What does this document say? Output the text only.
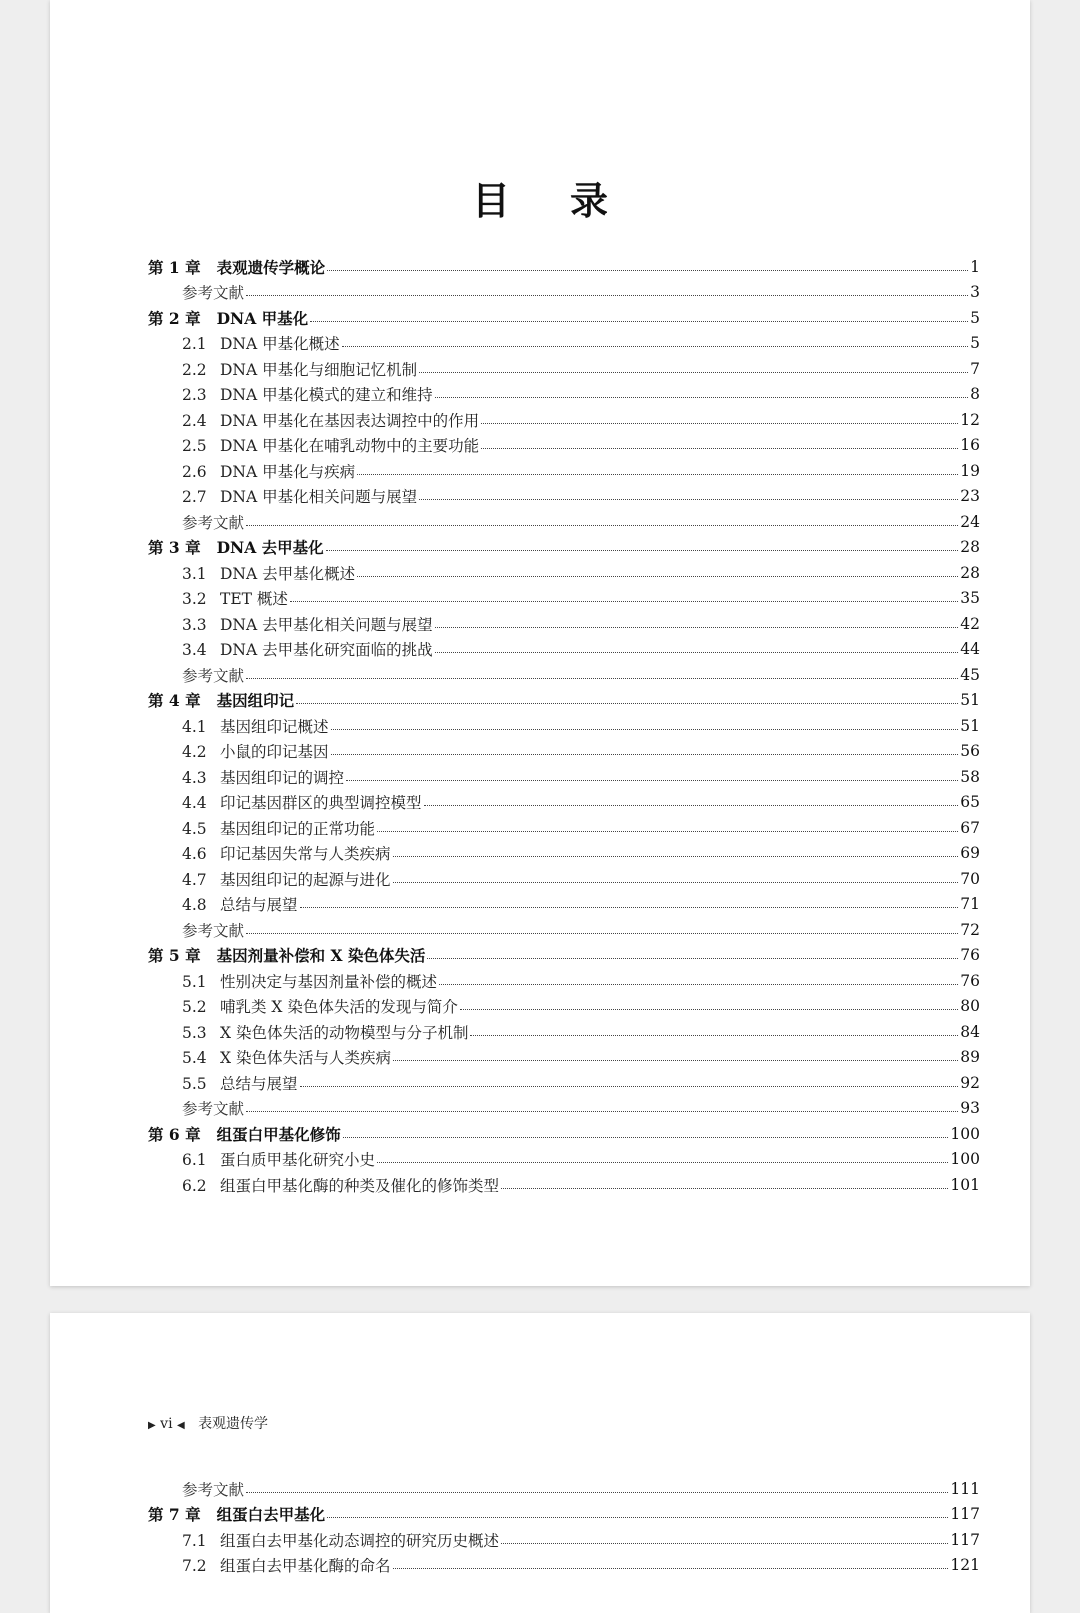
目录
第 1 章 表观遗传学概论	1
参考文献	3
第 2 章 DNA 甲基化	5
2.1 DNA 甲基化概述	5
2.2 DNA 甲基化与细胞记忆机制	7
2.3 DNA 甲基化模式的建立和维持	8
2.4 DNA 甲基化在基因表达调控中的作用	12
2.5 DNA 甲基化在哺乳动物中的主要功能	16
2.6 DNA 甲基化与疾病	19
2.7 DNA 甲基化相关问题与展望	23
参考文献	24
第 3 章 DNA 去甲基化	28
3.1 DNA 去甲基化概述	28
3.2 TET 概述	35
3.3 DNA 去甲基化相关问题与展望	42
3.4 DNA 去甲基化研究面临的挑战	44
参考文献	45
第 4 章 基因组印记	51
4.1 基因组印记概述	51
4.2 小鼠的印记基因	56
4.3 基因组印记的调控	58
4.4 印记基因群区的典型调控模型	65
4.5 基因组印记的正常功能	67
4.6 印记基因失常与人类疾病	69
4.7 基因组印记的起源与进化	70
4.8 总结与展望	71
参考文献	72
第 5 章 基因剂量补偿和 X 染色体失活	76
5.1 性别决定与基因剂量补偿的概述	76
5.2 哺乳类 X 染色体失活的发现与简介	80
5.3 X 染色体失活的动物模型与分子机制	84
5.4 X 染色体失活与人类疾病	89
5.5 总结与展望	92
参考文献	93
第 6 章 组蛋白甲基化修饰	100
6.1 蛋白质甲基化研究小史	100
6.2 组蛋白甲基化酶的种类及催化的修饰类型	101
▶ vi ◀ 表观遗传学
参考文献	111
第 7 章 组蛋白去甲基化	117
7.1 组蛋白去甲基化动态调控的研究历史概述	117
7.2 组蛋白去甲基化酶的命名	121
